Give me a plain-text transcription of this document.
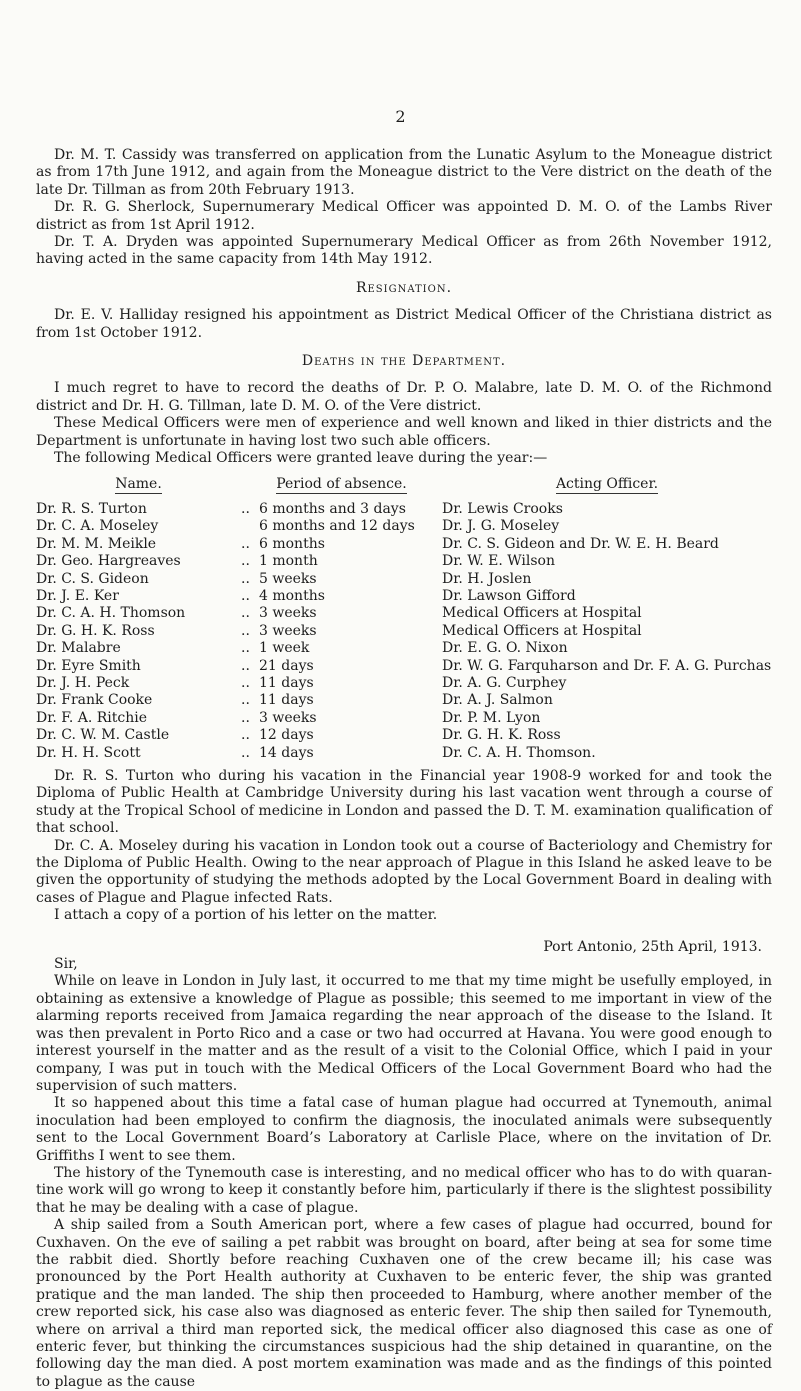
2

Dr. M. T. Cassidy was transferred on application from the Lunatic Asylum to the Moneague district as from 17th June 1912, and again from the Moneague district to the Vere district on the death of the late Dr. Tillman as from 20th February 1913.

Dr. R. G. Sherlock, Supernumerary Medical Officer was appointed D. M. O. of the Lambs River district as from 1st April 1912.

Dr. T. A. Dryden was appointed Supernumerary Medical Officer as from 26th November 1912, having acted in the same capacity from 14th May 1912.

Resignation.

Dr. E. V. Halliday resigned his appointment as District Medical Officer of the Christiana district as from 1st October 1912.

Deaths in the Department.

I much regret to have to record the deaths of Dr. P. O. Malabre, late D. M. O. of the Richmond district and Dr. H. G. Tillman, late D. M. O. of the Vere district.

These Medical Officers were men of experience and well known and liked in thier districts and the Department is unfortunate in having lost two such able officers.

The following Medical Officers were granted leave during the year:—

Name.	Period of absence.	Acting Officer.
Dr. R. S. Turton	.. 6 months and 3 days	Dr. Lewis Crooks
Dr. C. A. Moseley	6 months and 12 days	Dr. J. G. Moseley
Dr. M. M. Meikle	.. 6 months	Dr. C. S. Gideon and Dr. W. E. H. Beard
Dr. Geo. Hargreaves	.. 1 month	Dr. W. E. Wilson
Dr. C. S. Gideon	.. 5 weeks	Dr. H. Joslen
Dr. J. E. Ker	.. 4 months	Dr. Lawson Gifford
Dr. C. A. H. Thomson	.. 3 weeks	Medical Officers at Hospital
Dr. G. H. K. Ross	.. 3 weeks	Medical Officers at Hospital
Dr. Malabre	.. 1 week	Dr. E. G. O. Nixon
Dr. Eyre Smith	.. 21 days	Dr. W. G. Farquharson and Dr. F. A. G. Purchas
Dr. J. H. Peck	.. 11 days	Dr. A. G. Curphey
Dr. Frank Cooke	.. 11 days	Dr. A. J. Salmon
Dr. F. A. Ritchie	.. 3 weeks	Dr. P. M. Lyon
Dr. C. W. M. Castle	.. 12 days	Dr. G. H. K. Ross
Dr. H. H. Scott	.. 14 days	Dr. C. A. H. Thomson.

Dr. R. S. Turton who during his vacation in the Financial year 1908-9 worked for and took the Diploma of Public Health at Cambridge University during his last vacation went through a course of study at the Tropical School of medicine in London and passed the D. T. M. examination qualification of that school.

Dr. C. A. Moseley during his vacation in London took out a course of Bacteriology and Chemistry for the Diploma of Public Health. Owing to the near approach of Plague in this Island he asked leave to be given the opportunity of studying the methods adopted by the Local Government Board in dealing with cases of Plague and Plague infected Rats.

I attach a copy of a portion of his letter on the matter.

Port Antonio, 25th April, 1913.
Sir,

While on leave in London in July last, it occurred to me that my time might be usefully employed, in obtaining as extensive a knowledge of Plague as possible; this seemed to me important in view of the alarming reports received from Jamaica regarding the near approach of the disease to the Island. It was then prevalent in Porto Rico and a case or two had occurred at Havana. You were good enough to interest yourself in the matter and as the result of a visit to the Colonial Office, which I paid in your company, I was put in touch with the Medical Officers of the Local Government Board who had the supervision of such matters.

It so happened about this time a fatal case of human plague had occurred at Tynemouth, animal inoculation had been employed to confirm the diagnosis, the inoculated animals were subsequently sent to the Local Government Board’s Laboratory at Carlisle Place, where on the invitation of Dr. Griffiths I went to see them.

The history of the Tynemouth case is interesting, and no medical officer who has to do with quarantine work will go wrong to keep it constantly before him, particularly if there is the slightest possibility that he may be dealing with a case of plague.

A ship sailed from a South American port, where a few cases of plague had occurred, bound for Cuxhaven. On the eve of sailing a pet rabbit was brought on board, after being at sea for some time the rabbit died. Shortly before reaching Cuxhaven one of the crew became ill; his case was pronounced by the Port Health authority at Cuxhaven to be enteric fever, the ship was granted pratique and the man landed. The ship then proceeded to Hamburg, where another member of the crew reported sick, his case also was diagnosed as enteric fever. The ship then sailed for Tynemouth, where on arrival a third man reported sick, the medical officer also diagnosed this case as one of enteric fever, but thinking the circumstances suspicious had the ship detained in quarantine, on the following day the man died. A post mortem examination was made and as the findings of this pointed to plague as the cause
